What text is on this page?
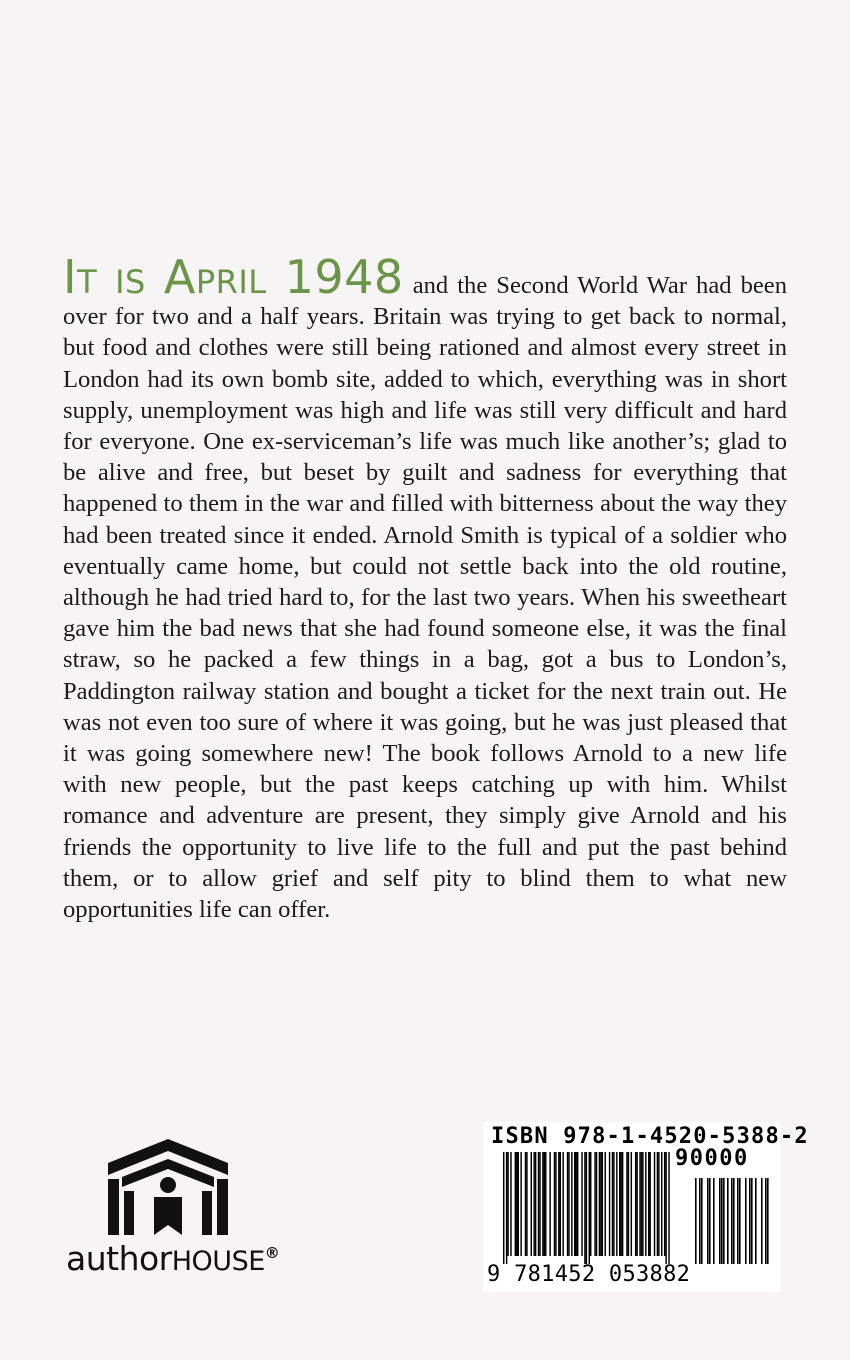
It is April 1948 and the Second World War had been over for two and a half years. Britain was trying to get back to normal, but food and clothes were still being rationed and almost every street in London had its own bomb site, added to which, everything was in short supply, unemployment was high and life was still very difficult and hard for everyone. One ex-serviceman’s life was much like another’s; glad to be alive and free, but beset by guilt and sadness for everything that happened to them in the war and filled with bitterness about the way they had been treated since it ended. Arnold Smith is typical of a soldier who eventually came home, but could not settle back into the old routine, although he had tried hard to, for the last two years. When his sweetheart gave him the bad news that she had found someone else, it was the final straw, so he packed a few things in a bag, got a bus to London’s, Paddington railway station and bought a ticket for the next train out. He was not even too sure of where it was going, but he was just pleased that it was going somewhere new! The book follows Arnold to a new life with new people, but the past keeps catching up with him. Whilst romance and adventure are present, they simply give Arnold and his friends the opportunity to live life to the full and put the past behind them, or to allow grief and self pity to blind them to what new opportunities life can offer.

authorHOUSE®
ISBN 978-1-4520-5388-2
90000
9 781452 053882
